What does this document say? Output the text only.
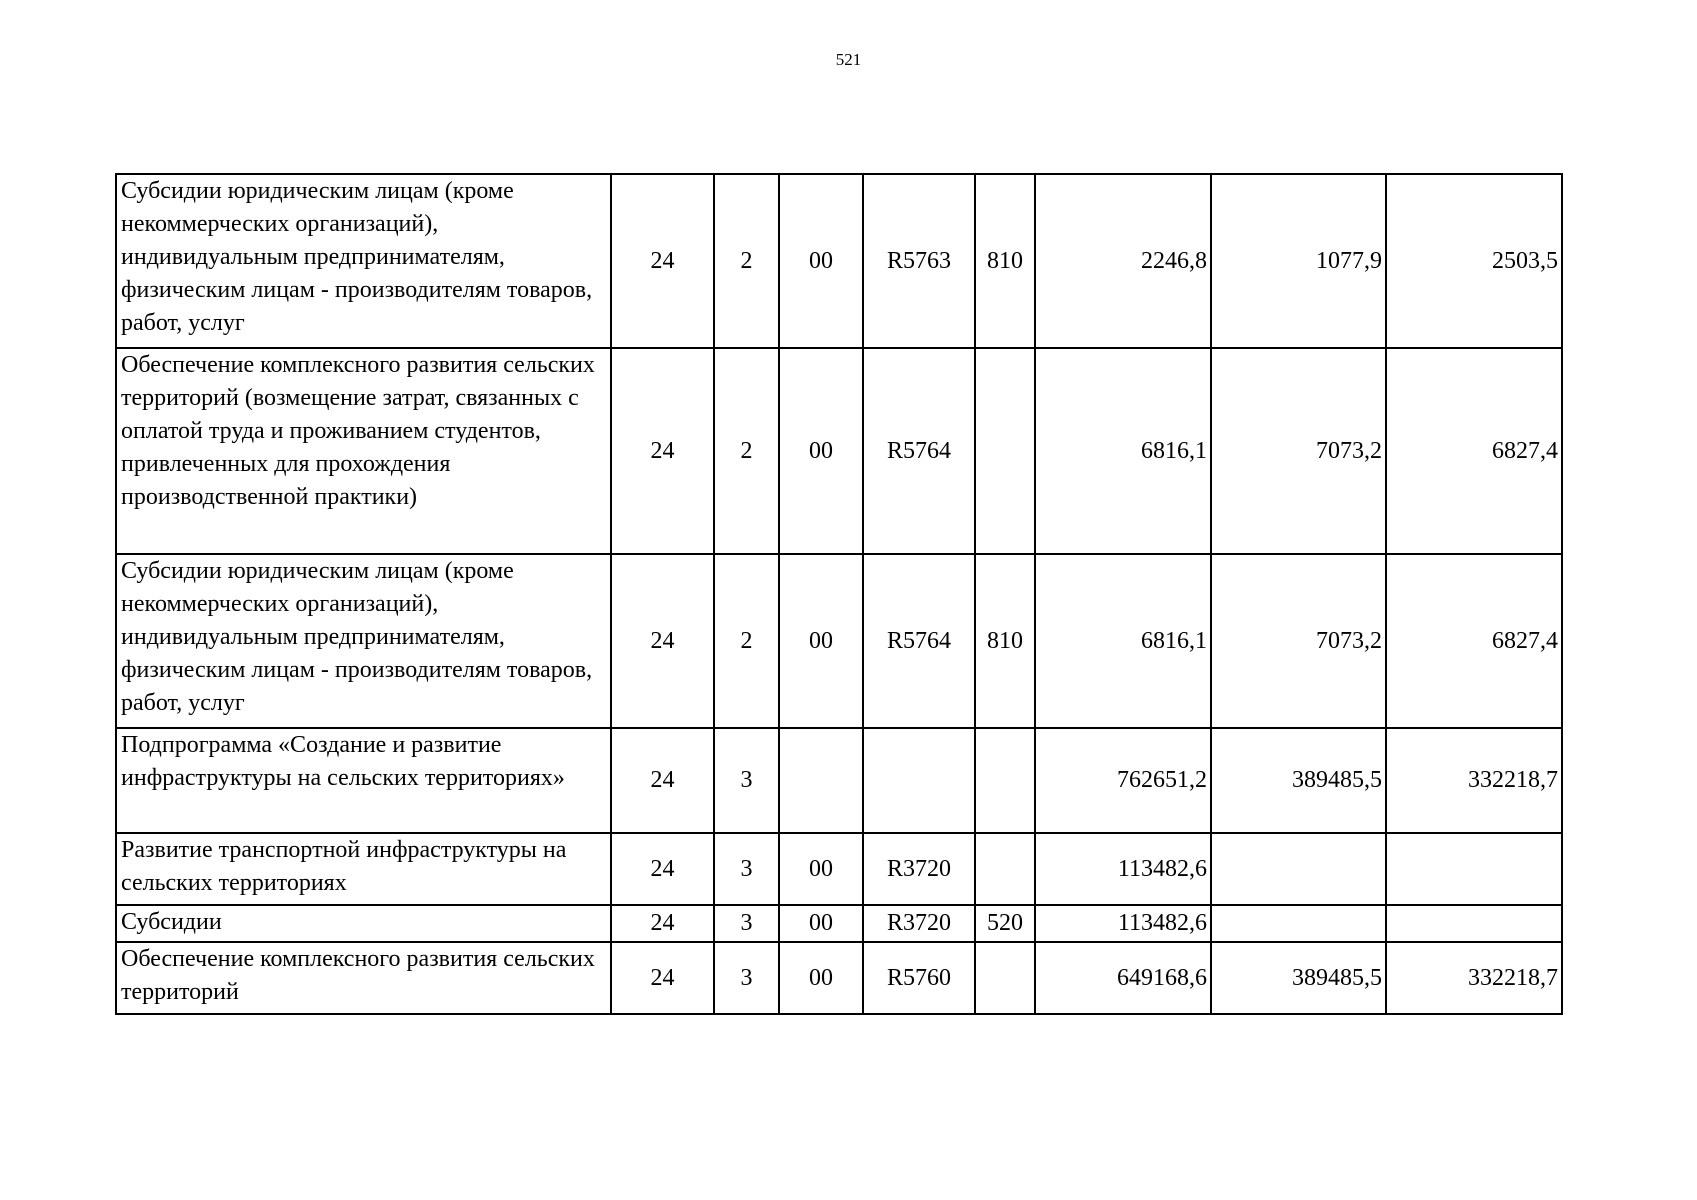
521
Субсидии юридическим лицам (кроме некоммерческих организаций), индивидуальным предпринимателям, физическим лицам - производителям товаров, работ, услуг	24	2	00	R5763	810	2246,8	1077,9	2503,5
Обеспечение комплексного развития сельских территорий (возмещение затрат, связанных с оплатой труда и проживанием студентов, привлеченных для прохождения производственной практики)	24	2	00	R5764		6816,1	7073,2	6827,4
Субсидии юридическим лицам (кроме некоммерческих организаций), индивидуальным предпринимателям, физическим лицам - производителям товаров, работ, услуг	24	2	00	R5764	810	6816,1	7073,2	6827,4
Подпрограмма «Создание и развитие инфраструктуры на сельских территориях»	24	3				762651,2	389485,5	332218,7
Развитие транспортной инфраструктуры на сельских территориях	24	3	00	R3720		113482,6		
Субсидии	24	3	00	R3720	520	113482,6		
Обеспечение комплексного развития сельских территорий	24	3	00	R5760		649168,6	389485,5	332218,7
